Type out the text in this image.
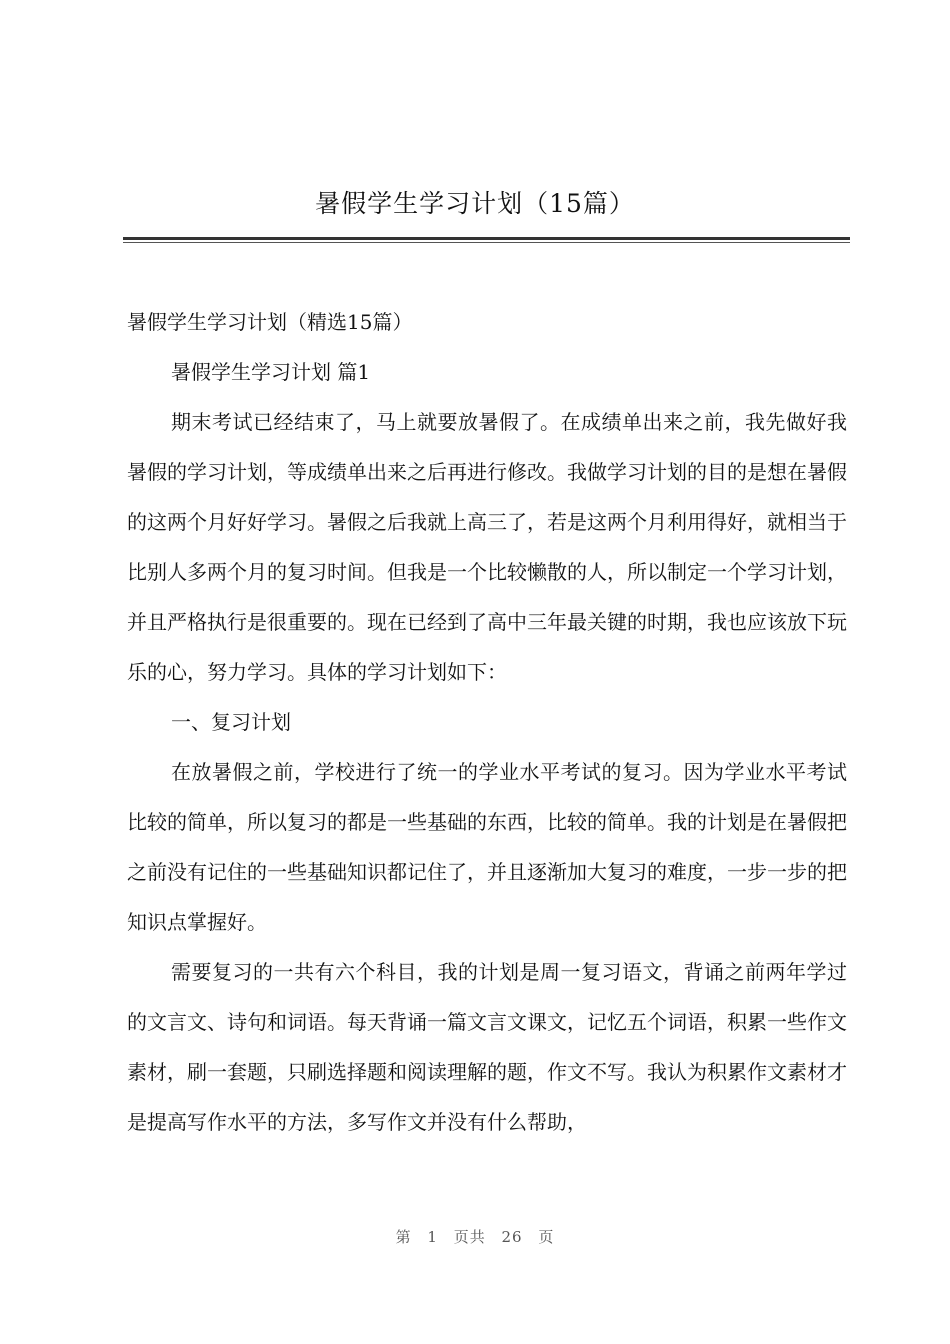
暑假学生学习计划（15篇）

暑假学生学习计划（精选15篇）

暑假学生学习计划 篇1

期末考试已经结束了，马上就要放暑假了。在成绩单出来之前，我先做好我暑假的学习计划，等成绩单出来之后再进行修改。我做学习计划的目的是想在暑假的这两个月好好学习。暑假之后我就上高三了，若是这两个月利用得好，就相当于比别人多两个月的复习时间。但我是一个比较懒散的人，所以制定一个学习计划，并且严格执行是很重要的。现在已经到了高中三年最关键的时期，我也应该放下玩乐的心，努力学习。具体的学习计划如下：

一、复习计划

在放暑假之前，学校进行了统一的学业水平考试的复习。因为学业水平考试比较的简单，所以复习的都是一些基础的东西，比较的简单。我的计划是在暑假把之前没有记住的一些基础知识都记住了，并且逐渐加大复习的难度，一步一步的把知识点掌握好。

需要复习的一共有六个科目，我的计划是周一复习语文，背诵之前两年学过的文言文、诗句和词语。每天背诵一篇文言文课文，记忆五个词语，积累一些作文素材，刷一套题，只刷选择题和阅读理解的题，作文不写。我认为积累作文素材才是提高写作水平的方法，多写作文并没有什么帮助，

第 1 页共 26 页
